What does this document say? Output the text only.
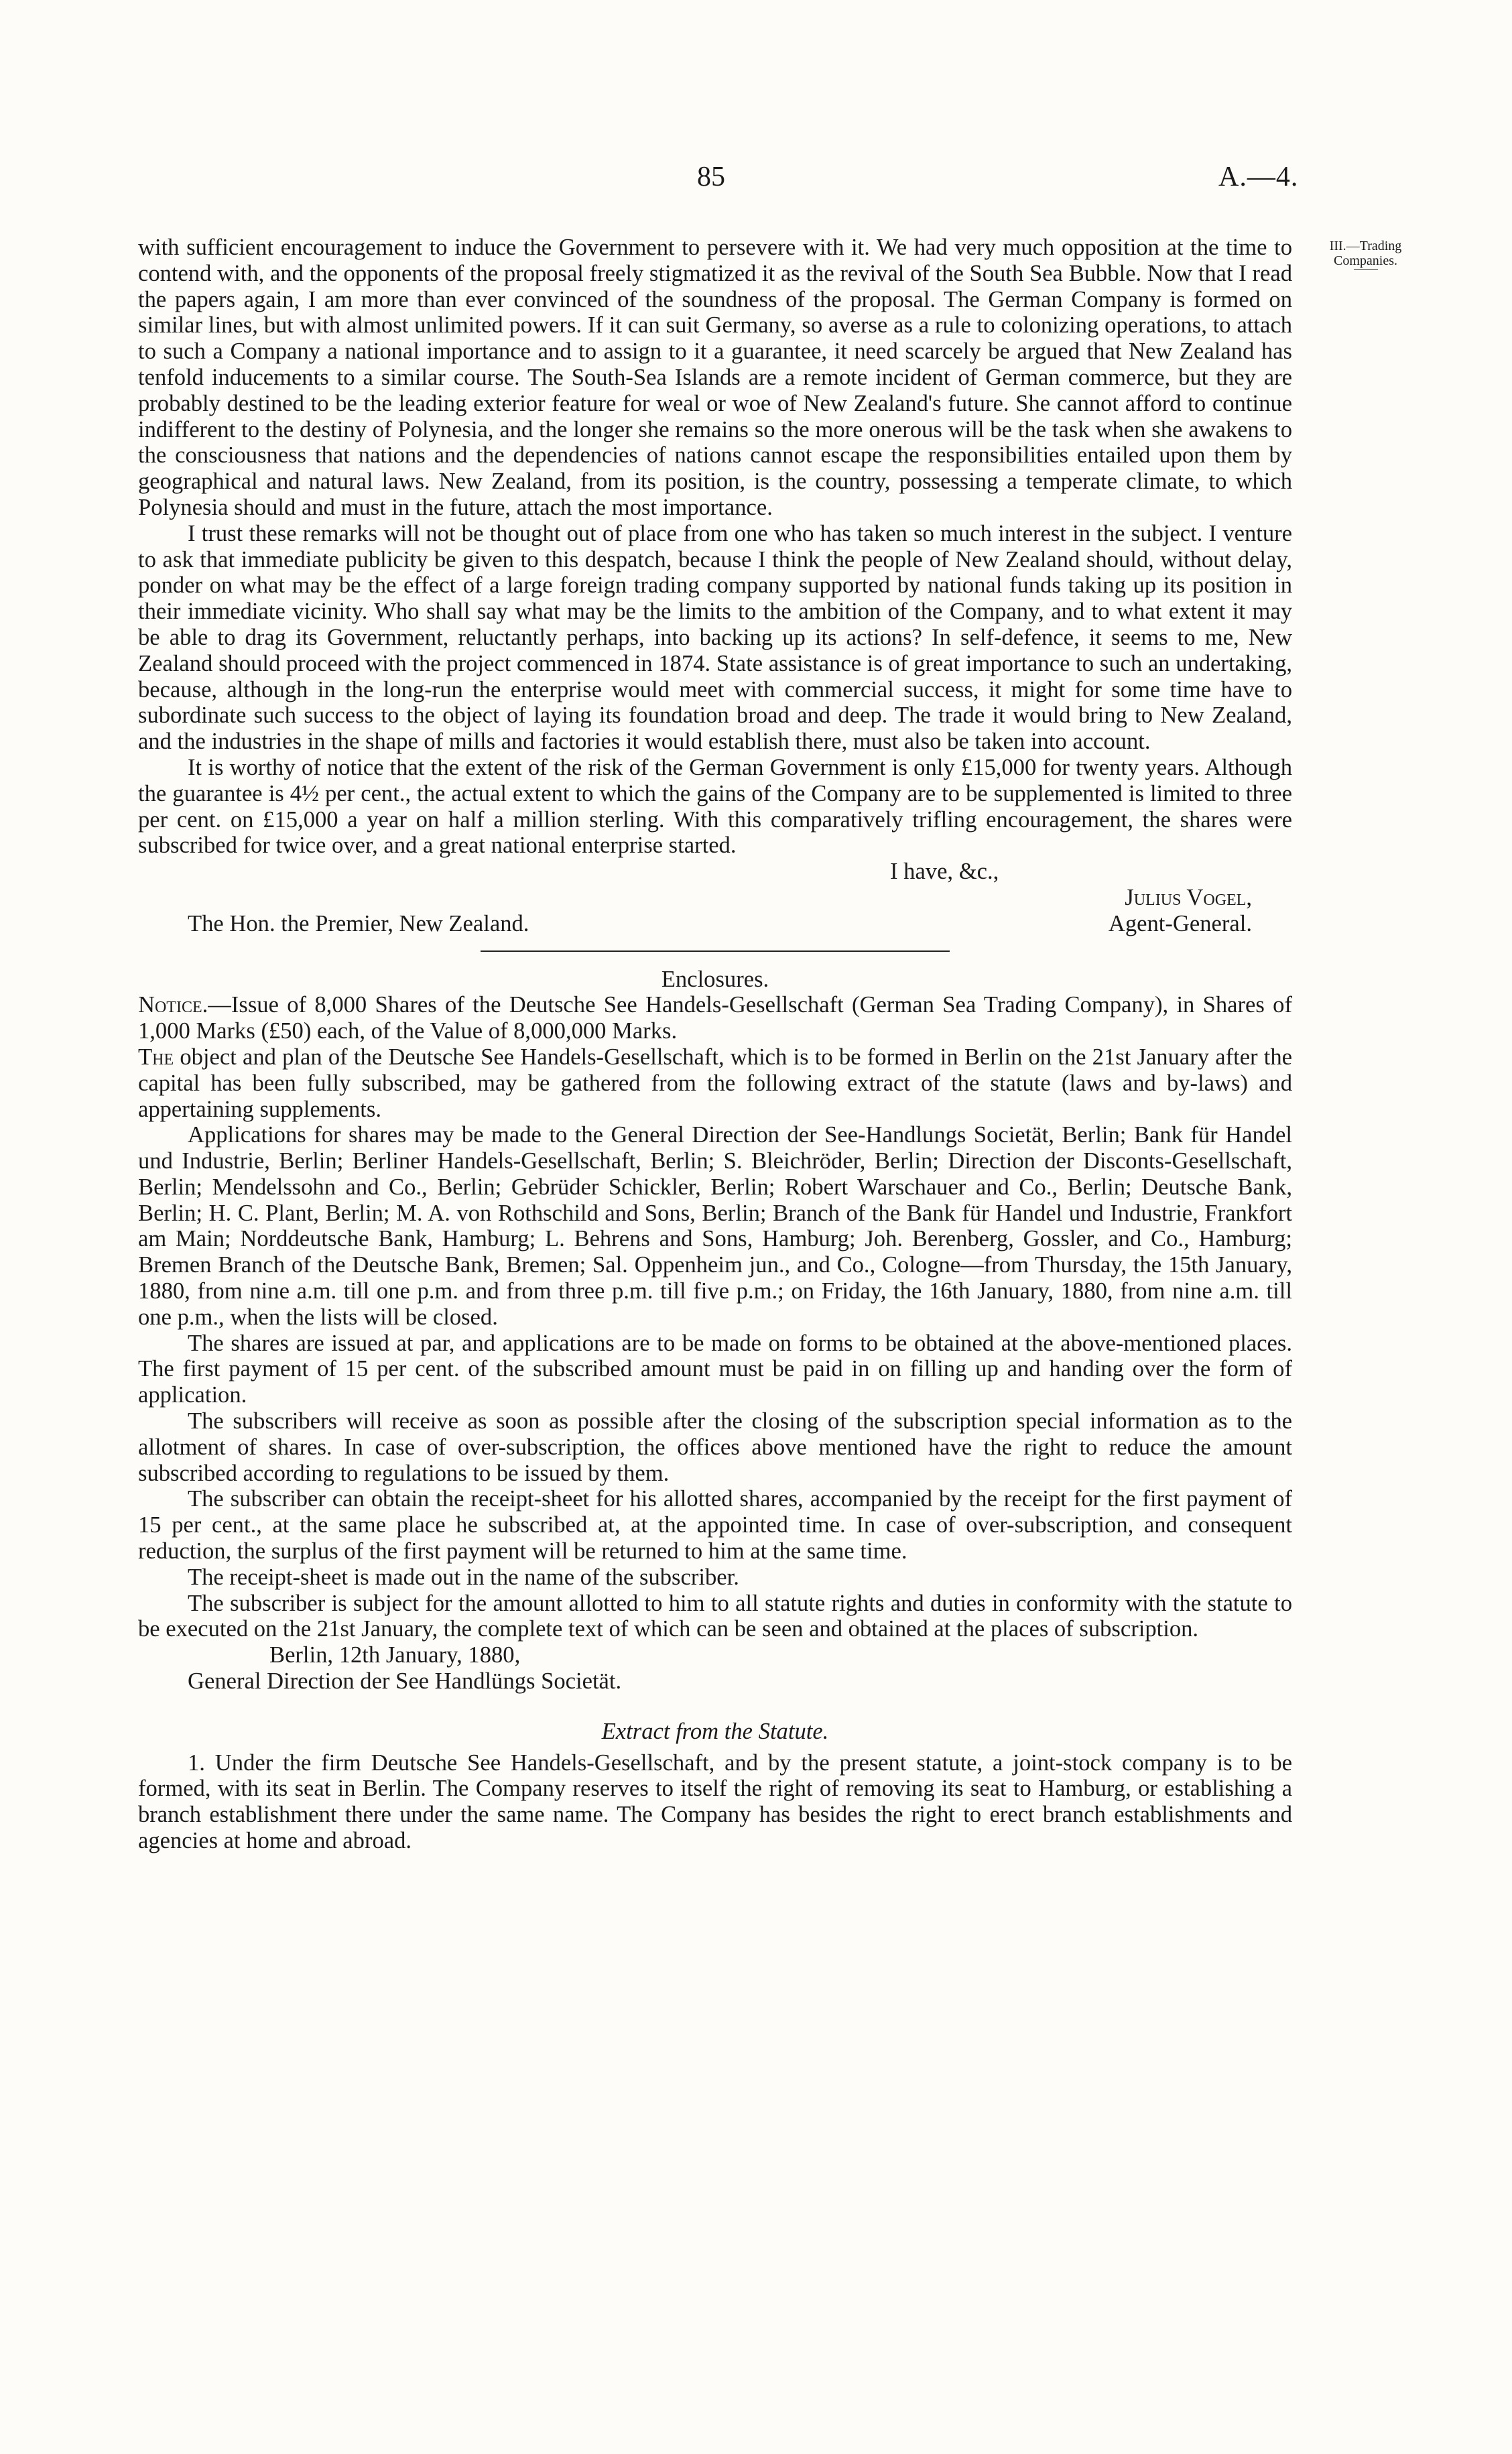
85	A.—4.
III.—Trading
Companies.

with sufficient encouragement to induce the Government to persevere with it. We had very much opposition at the time to contend with, and the opponents of the proposal freely stigmatized it as the revival of the South Sea Bubble. Now that I read the papers again, I am more than ever convinced of the soundness of the proposal. The German Company is formed on similar lines, but with almost unlimited powers. If it can suit Germany, so averse as a rule to colonizing operations, to attach to such a Company a national importance and to assign to it a guarantee, it need scarcely be argued that New Zealand has tenfold inducements to a similar course. The South-Sea Islands are a remote incident of German commerce, but they are probably destined to be the leading exterior feature for weal or woe of New Zealand's future. She cannot afford to continue indifferent to the destiny of Polynesia, and the longer she remains so the more onerous will be the task when she awakens to the consciousness that nations and the dependencies of nations cannot escape the responsibilities entailed upon them by geographical and natural laws. New Zealand, from its position, is the country, possessing a temperate climate, to which Polynesia should and must in the future, attach the most importance.

I trust these remarks will not be thought out of place from one who has taken so much interest in the subject. I venture to ask that immediate publicity be given to this despatch, because I think the people of New Zealand should, without delay, ponder on what may be the effect of a large foreign trading company supported by national funds taking up its position in their immediate vicinity. Who shall say what may be the limits to the ambition of the Company, and to what extent it may be able to drag its Government, reluctantly perhaps, into backing up its actions? In self-defence, it seems to me, New Zealand should proceed with the project commenced in 1874. State assistance is of great importance to such an undertaking, because, although in the long-run the enterprise would meet with commercial success, it might for some time have to subordinate such success to the object of laying its foundation broad and deep. The trade it would bring to New Zealand, and the industries in the shape of mills and factories it would establish there, must also be taken into account.

It is worthy of notice that the extent of the risk of the German Government is only £15,000 for twenty years. Although the guarantee is 4½ per cent., the actual extent to which the gains of the Company are to be supplemented is limited to three per cent. on £15,000 a year on half a million sterling. With this comparatively trifling encouragement, the shares were subscribed for twice over, and a great national enterprise started.

I have, &c.,
Julius Vogel,
The Hon. the Premier, New Zealand.	Agent-General.
Enclosures.

Notice.—Issue of 8,000 Shares of the Deutsche See Handels-Gesellschaft (German Sea Trading Company), in Shares of 1,000 Marks (£50) each, of the Value of 8,000,000 Marks.

The object and plan of the Deutsche See Handels-Gesellschaft, which is to be formed in Berlin on the 21st January after the capital has been fully subscribed, may be gathered from the following extract of the statute (laws and by-laws) and appertaining supplements.

Applications for shares may be made to the General Direction der See-Handlungs Societät, Berlin; Bank für Handel und Industrie, Berlin; Berliner Handels-Gesellschaft, Berlin; S. Bleichröder, Berlin; Direction der Disconts-Gesellschaft, Berlin; Mendelssohn and Co., Berlin; Gebrüder Schickler, Berlin; Robert Warschauer and Co., Berlin; Deutsche Bank, Berlin; H. C. Plant, Berlin; M. A. von Rothschild and Sons, Berlin; Branch of the Bank für Handel und Industrie, Frankfort am Main; Norddeutsche Bank, Hamburg; L. Behrens and Sons, Hamburg; Joh. Berenberg, Gossler, and Co., Hamburg; Bremen Branch of the Deutsche Bank, Bremen; Sal. Oppenheim jun., and Co., Cologne—from Thursday, the 15th January, 1880, from nine a.m. till one p.m. and from three p.m. till five p.m.; on Friday, the 16th January, 1880, from nine a.m. till one p.m., when the lists will be closed.

The shares are issued at par, and applications are to be made on forms to be obtained at the above-mentioned places. The first payment of 15 per cent. of the subscribed amount must be paid in on filling up and handing over the form of application.

The subscribers will receive as soon as possible after the closing of the subscription special information as to the allotment of shares. In case of over-subscription, the offices above mentioned have the right to reduce the amount subscribed according to regulations to be issued by them.

The subscriber can obtain the receipt-sheet for his allotted shares, accompanied by the receipt for the first payment of 15 per cent., at the same place he subscribed at, at the appointed time. In case of over-subscription, and consequent reduction, the surplus of the first payment will be returned to him at the same time.

The receipt-sheet is made out in the name of the subscriber.

The subscriber is subject for the amount allotted to him to all statute rights and duties in conformity with the statute to be executed on the 21st January, the complete text of which can be seen and obtained at the places of subscription.

Berlin, 12th January, 1880,

General Direction der See Handlüngs Societät.

Extract from the Statute.

1. Under the firm Deutsche See Handels-Gesellschaft, and by the present statute, a joint-stock company is to be formed, with its seat in Berlin. The Company reserves to itself the right of removing its seat to Hamburg, or establishing a branch establishment there under the same name. The Company has besides the right to erect branch establishments and agencies at home and abroad.
